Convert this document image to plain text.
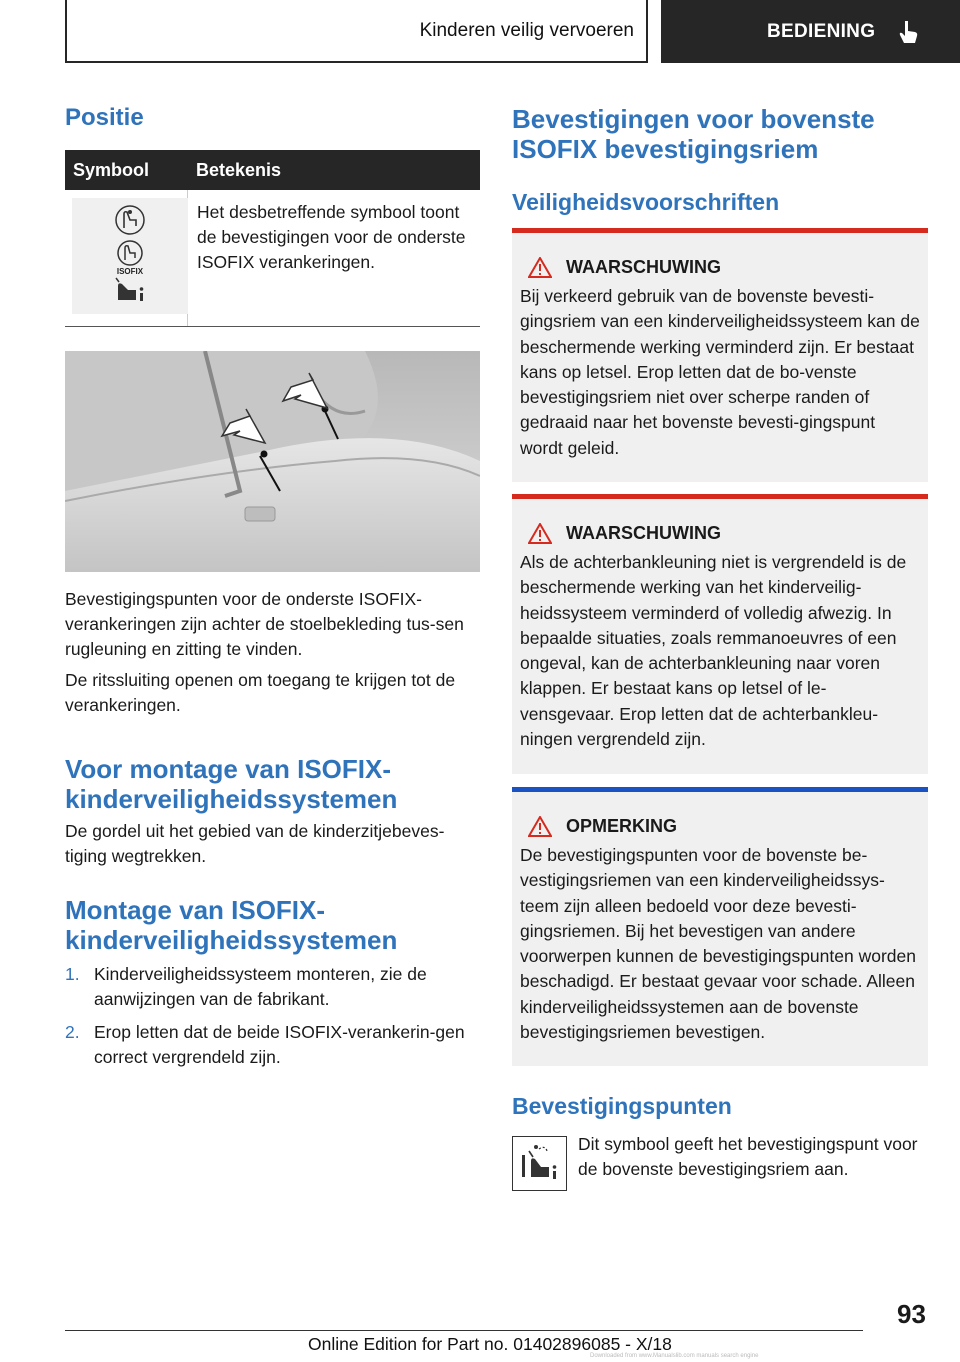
Kinderen veilig vervoeren	BEDIENING
Positie
Symbool	Betekenis
ISOFIX

Het desbetreffende symbool toont de bevestigingen voor de onderste ISOFIX verankeringen.

Bevestigingspunten voor de onderste ISOFIX-verankeringen zijn achter de stoelbekleding tus-sen rugleuning en zitting te vinden.

De ritssluiting openen om toegang te krijgen tot de verankeringen.

Voor montage van ISOFIX-kinderveiligheidssystemen

De gordel uit het gebied van de kinderzitjebeves-tiging wegtrekken.

Montage van ISOFIX-kinderveiligheidssystemen
1. Kinderveiligheidssysteem monteren, zie de aanwijzingen van de fabrikant.
2. Erop letten dat de beide ISOFIX-verankerin-gen correct vergrendeld zijn.
Bevestigingen voor bovenste ISOFIX bevestigingsriem
Veiligheidsvoorschriften
WAARSCHUWING

Bij verkeerd gebruik van de bovenste bevesti-gingsriem van een kinderveiligheidssysteem kan de beschermende werking verminderd zijn. Er bestaat kans op letsel. Erop letten dat de bo-venste bevestigingsriem niet over scherpe randen of gedraaid naar het bovenste bevesti-gingspunt wordt geleid.

WAARSCHUWING

Als de achterbankleuning niet is vergrendeld is de beschermende werking van het kinderveilig-heidssysteem verminderd of volledig afwezig. In bepaalde situaties, zoals remmanoeuvres of een ongeval, kan de achterbankleuning naar voren klappen. Er bestaat kans op letsel of le-vensgevaar. Erop letten dat de achterbankleu-ningen vergrendeld zijn.

OPMERKING

De bevestigingspunten voor de bovenste be-vestigingsriemen van een kinderveiligheidssys-teem zijn alleen bedoeld voor deze bevesti-gingsriemen. Bij het bevestigen van andere voorwerpen kunnen de bevestigingspunten worden beschadigd. Er bestaat gevaar voor schade. Alleen kinderveiligheidssystemen aan de bovenste bevestigingsriemen bevestigen.

Bevestigingspunten

Dit symbool geeft het bevestigingspunt voor de bovenste bevestigingsriem aan.

93
Online Edition for Part no. 01402896085 - X/18
Downloaded from www.Manualslib.com manuals search engine
